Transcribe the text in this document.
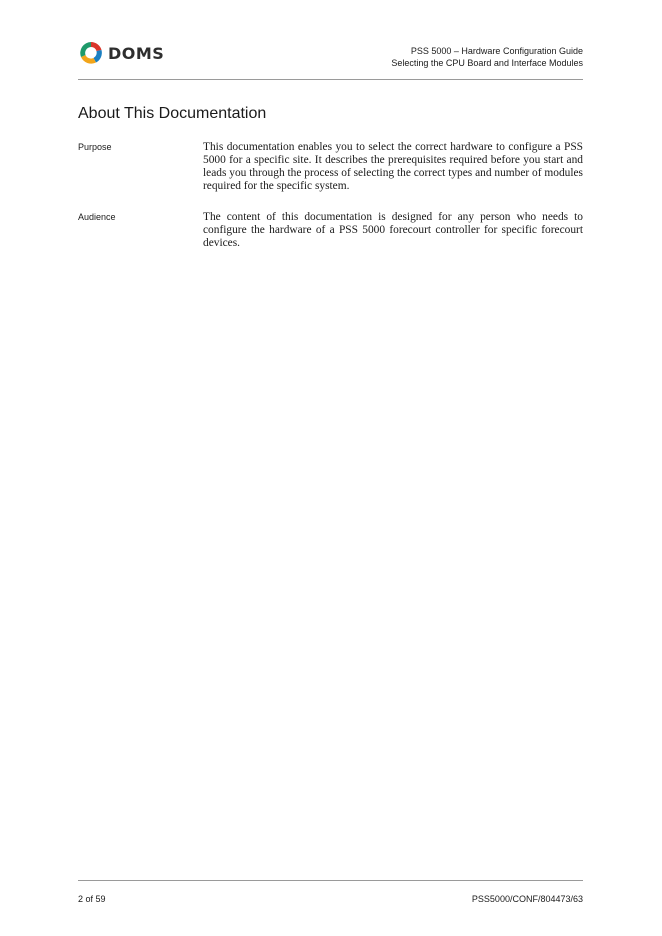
DOMS	PSS 5000 – Hardware Configuration Guide
Selecting the CPU Board and Interface Modules
About This Documentation
Purpose	This documentation enables you to select the correct hardware to configure a PSS 5000 for a specific site. It describes the prerequisites required before you start and leads you through the process of selecting the correct types and number of modules required for the specific system.

Audience	The content of this documentation is designed for any person who needs to configure the hardware of a PSS 5000 forecourt controller for specific forecourt devices.

2 of 59	PSS5000/CONF/804473/63
